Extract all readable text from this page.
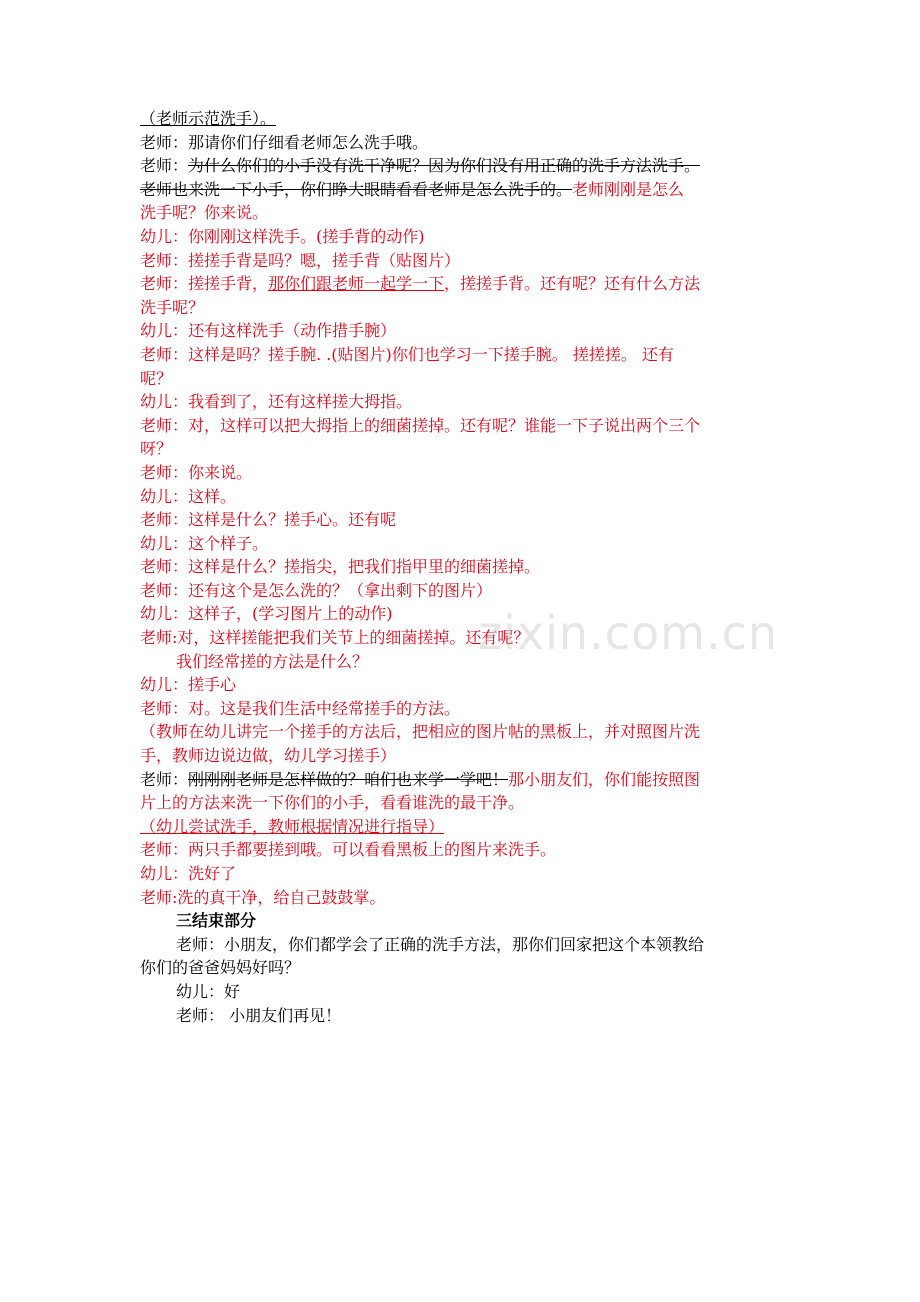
（老师示范洗手）。
老师：那请你们仔细看老师怎么洗手哦。
老师：为什么你们的小手没有洗干净呢？因为你们没有用正确的洗手方法洗手。
老师也来洗一下小手，你们睁大眼睛看看老师是怎么洗手的。老师刚刚是怎么
洗手呢？你来说。
幼儿：你刚刚这样洗手。(搓手背的动作)
老师：搓搓手背是吗？嗯，搓手背（贴图片）
老师：搓搓手背，那你们跟老师一起学一下，搓搓手背。还有呢？还有什么方法
洗手呢？
幼儿：还有这样洗手（动作措手腕）
老师：这样是吗？搓手腕. .(贴图片)你们也学习一下搓手腕。 搓搓搓。 还有
呢？
幼儿：我看到了，还有这样搓大拇指。
老师：对，这样可以把大拇指上的细菌搓掉。还有呢？谁能一下子说出两个三个
呀？
老师：你来说。
幼儿：这样。
老师：这样是什么？搓手心。还有呢
幼儿：这个样子。
老师：这样是什么？搓指尖，把我们指甲里的细菌搓掉。
老师：还有这个是怎么洗的？（拿出剩下的图片）
幼儿：这样子，(学习图片上的动作)
老师:对，这样搓能把我们关节上的细菌搓掉。还有呢？
我们经常搓的方法是什么？
幼儿：搓手心
老师：对。这是我们生活中经常搓手的方法。
（教师在幼儿讲完一个搓手的方法后，把相应的图片帖的黑板上，并对照图片洗
手，教师边说边做，幼儿学习搓手）
老师：刚刚刚老师是怎样做的？咱们也来学一学吧！那小朋友们，你们能按照图
片上的方法来洗一下你们的小手，看看谁洗的最干净。
（幼儿尝试洗手，教师根据情况进行指导）
老师：两只手都要搓到哦。可以看看黑板上的图片来洗手。
幼儿：洗好了
老师:洗的真干净，给自己鼓鼓掌。
三结束部分
老师：小朋友，你们都学会了正确的洗手方法，那你们回家把这个本领教给
你们的爸爸妈妈好吗？
幼儿：好
老师： 小朋友们再见！
zixin.com.cn
